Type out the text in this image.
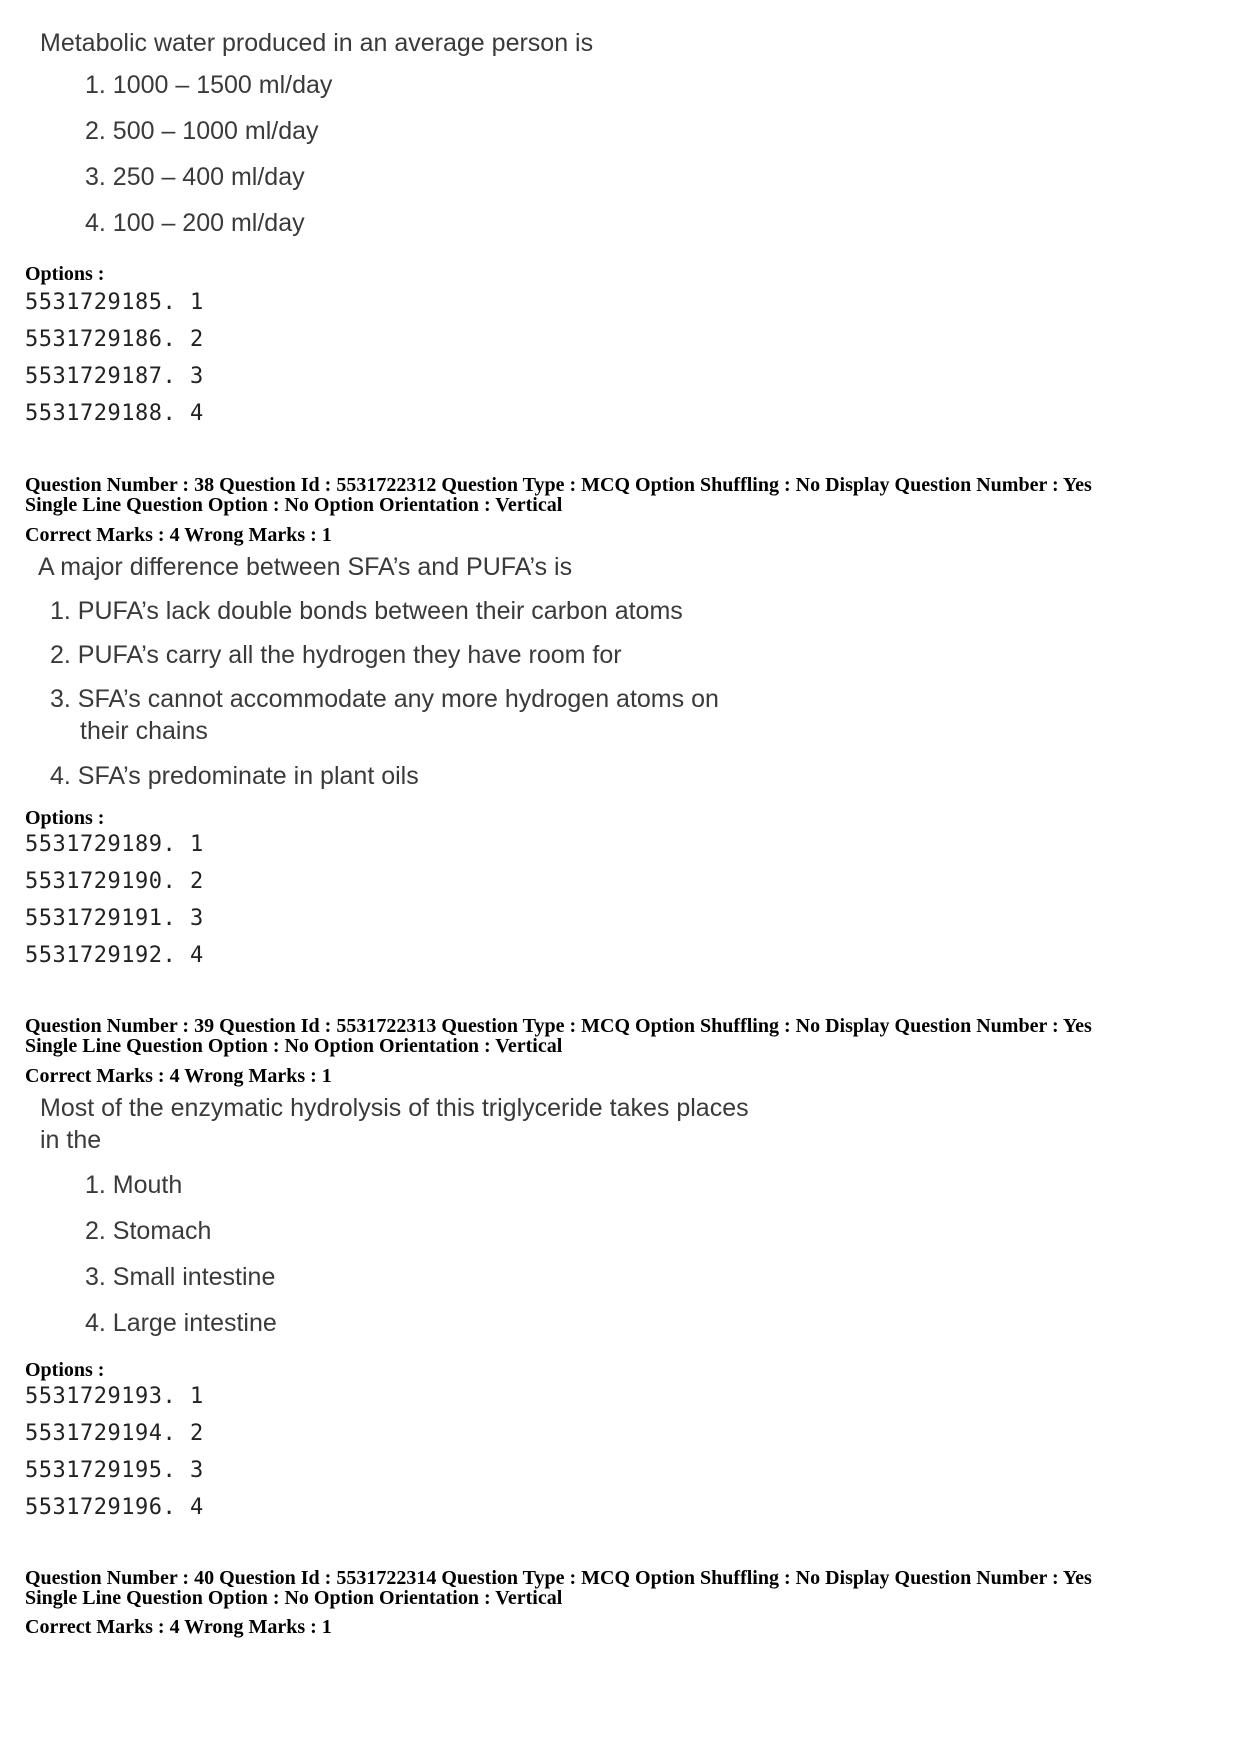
Metabolic water produced in an average person is
1. 1000 – 1500 ml/day
2. 500 – 1000 ml/day
3. 250 – 400 ml/day
4. 100 – 200 ml/day
Options :
5531729185. 1
5531729186. 2
5531729187. 3
5531729188. 4
Question Number : 38 Question Id : 5531722312 Question Type : MCQ Option Shuffling : No Display Question Number : Yes
Single Line Question Option : No Option Orientation : Vertical
Correct Marks : 4 Wrong Marks : 1
A major difference between SFA’s and PUFA’s is
1. PUFA’s lack double bonds between their carbon atoms
2. PUFA’s carry all the hydrogen they have room for
3. SFA’s cannot accommodate any more hydrogen atoms on
their chains
4. SFA’s predominate in plant oils
Options :
5531729189. 1
5531729190. 2
5531729191. 3
5531729192. 4
Question Number : 39 Question Id : 5531722313 Question Type : MCQ Option Shuffling : No Display Question Number : Yes
Single Line Question Option : No Option Orientation : Vertical
Correct Marks : 4 Wrong Marks : 1
Most of the enzymatic hydrolysis of this triglyceride takes places
in the
1. Mouth
2. Stomach
3. Small intestine
4. Large intestine
Options :
5531729193. 1
5531729194. 2
5531729195. 3
5531729196. 4
Question Number : 40 Question Id : 5531722314 Question Type : MCQ Option Shuffling : No Display Question Number : Yes
Single Line Question Option : No Option Orientation : Vertical
Correct Marks : 4 Wrong Marks : 1
